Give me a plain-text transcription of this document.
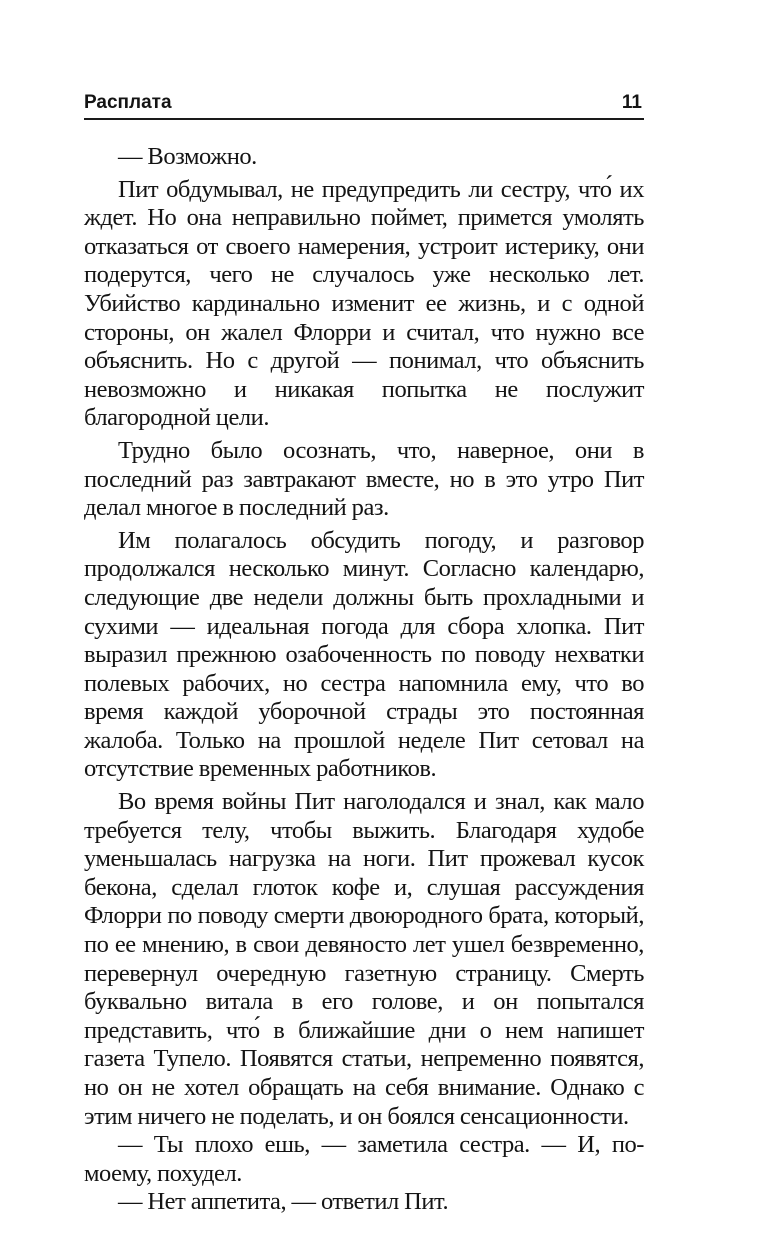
Расплата	11

— Возможно.

Пит обдумывал, не предупредить ли сестру, что́ их ждет. Но она неправильно поймет, примется умолять отказаться от своего намерения, устроит истерику, они подерутся, чего не случалось уже несколько лет. Убийство кардинально изменит ее жизнь, и с одной стороны, он жалел Флорри и считал, что нужно все объяснить. Но с другой — понимал, что объяснить невозможно и никакая попытка не послужит благородной цели.

Трудно было осознать, что, наверное, они в последний раз завтракают вместе, но в это утро Пит делал многое в последний раз.

Им полагалось обсудить погоду, и разговор продолжался несколько минут. Согласно календарю, следующие две недели должны быть прохладными и сухими — идеальная погода для сбора хлопка. Пит выразил прежнюю озабоченность по поводу нехватки полевых рабочих, но сестра напомнила ему, что во время каждой уборочной страды это постоянная жалоба. Только на прошлой неделе Пит сетовал на отсутствие временных работников.

Во время войны Пит наголодался и знал, как мало требуется телу, чтобы выжить. Благодаря худобе уменьшалась нагрузка на ноги. Пит прожевал кусок бекона, сделал глоток кофе и, слушая рассуждения Флорри по поводу смерти двоюродного брата, который, по ее мнению, в свои девяносто лет ушел безвременно, перевернул очередную газетную страницу. Смерть буквально витала в его голове, и он попытался представить, что́ в ближайшие дни о нем напишет газета Тупело. Появятся статьи, непременно появятся, но он не хотел обращать на себя внимание. Однако с этим ничего не поделать, и он боялся сенсационности.

— Ты плохо ешь, — заметила сестра. — И, по-моему, похудел.

— Нет аппетита, — ответил Пит.
